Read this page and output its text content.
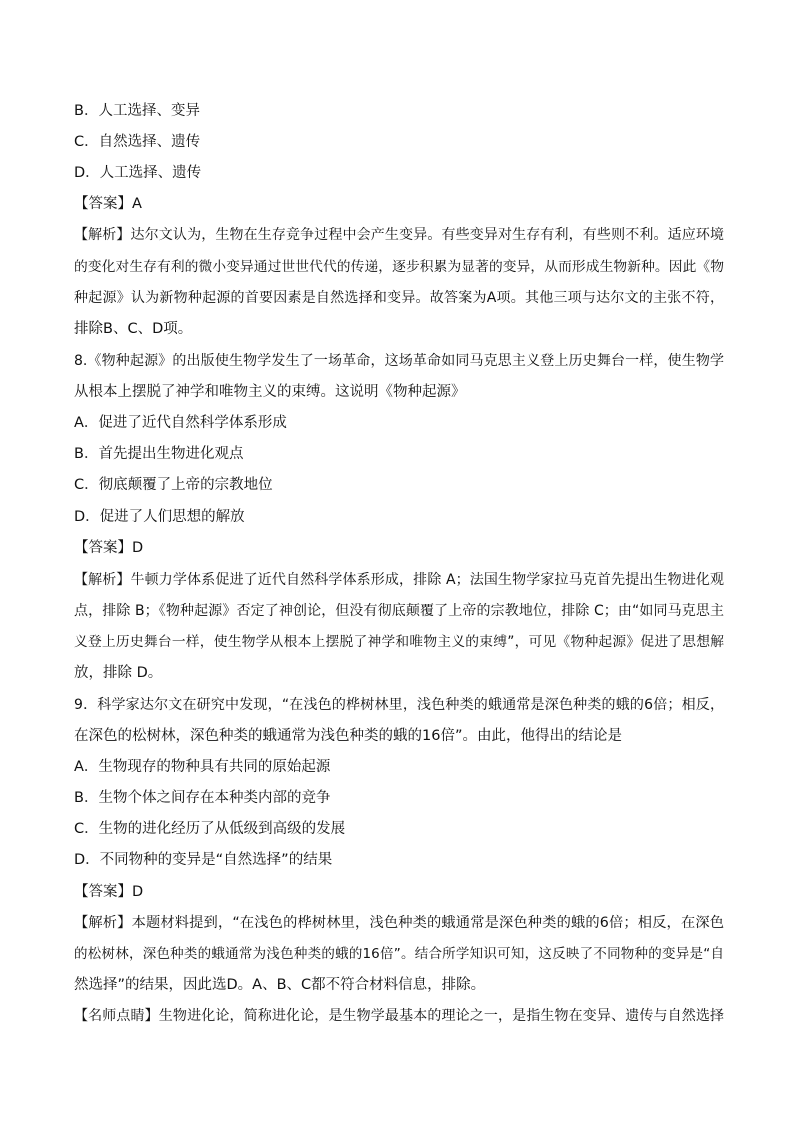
B．人工选择、变异
C．自然选择、遗传
D．人工选择、遗传
【答案】A
【解析】达尔文认为，生物在生存竞争过程中会产生变异。有些变异对生存有利，有些则不利。适应环境
的变化对生存有利的微小变异通过世世代代的传递，逐步积累为显著的变异，从而形成生物新种。因此《物
种起源》认为新物种起源的首要因素是自然选择和变异。故答案为A项。其他三项与达尔文的主张不符，
排除B、C、D项。
8.《物种起源》的出版使生物学发生了一场革命，这场革命如同马克思主义登上历史舞台一样，使生物学
从根本上摆脱了神学和唯物主义的束缚。这说明《物种起源》
A．促进了近代自然科学体系形成
B．首先提出生物进化观点
C．彻底颠覆了上帝的宗教地位
D．促进了人们思想的解放
【答案】D
【解析】牛顿力学体系促进了近代自然科学体系形成，排除 A；法国生物学家拉马克首先提出生物进化观
点，排除 B；《物种起源》否定了神创论，但没有彻底颠覆了上帝的宗教地位，排除 C；由“如同马克思主
义登上历史舞台一样，使生物学从根本上摆脱了神学和唯物主义的束缚”，可见《物种起源》促进了思想解
放，排除 D。
9．科学家达尔文在研究中发现，“在浅色的桦树林里，浅色种类的蛾通常是深色种类的蛾的6倍；相反，
在深色的松树林，深色种类的蛾通常为浅色种类的蛾的16倍”。由此，他得出的结论是
A．生物现存的物种具有共同的原始起源
B．生物个体之间存在本种类内部的竞争
C．生物的进化经历了从低级到高级的发展
D．不同物种的变异是“自然选择”的结果
【答案】D
【解析】本题材料提到，“在浅色的桦树林里，浅色种类的蛾通常是深色种类的蛾的6倍；相反，在深色
的松树林，深色种类的蛾通常为浅色种类的蛾的16倍”。结合所学知识可知，这反映了不同物种的变异是“自
然选择”的结果，因此选D。A、B、C都不符合材料信息，排除。
【名师点睛】生物进化论，简称进化论，是生物学最基本的理论之一，是指生物在变异、遗传与自然选择
